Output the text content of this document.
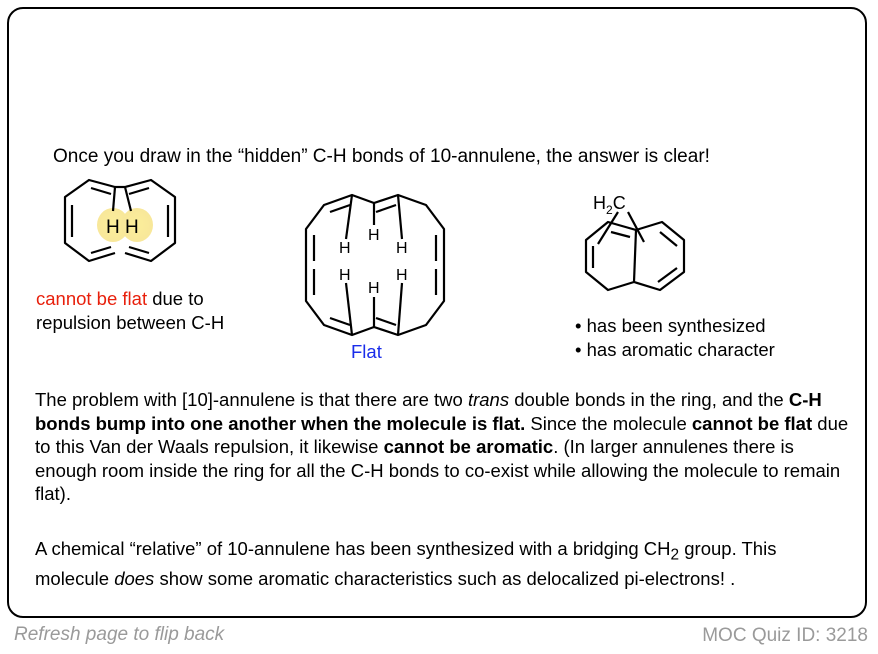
Once you draw in the “hidden” C-H bonds of 10-annulene, the answer is clear!
H H
cannot be flat due to
repulsion between C-H
H
H
H
H
H
H
Flat
$H_2C$
• has been synthesized
• has aromatic character
The problem with [10]-annulene is that there are two trans double bonds in the ring, and the C-H bonds bump into one another when the molecule is flat. Since the molecule cannot be flat due to this Van der Waals repulsion, it likewise cannot be aromatic. (In larger annulenes there is enough room inside the ring for all the C-H bonds to co-exist while allowing the molecule to remain flat).
A chemical “relative” of 10-annulene has been synthesized with a bridging $CH_2$ group. This molecule does show some aromatic characteristics such as delocalized pi-electrons! .
Refresh page to flip back	MOC Quiz ID: 3218
